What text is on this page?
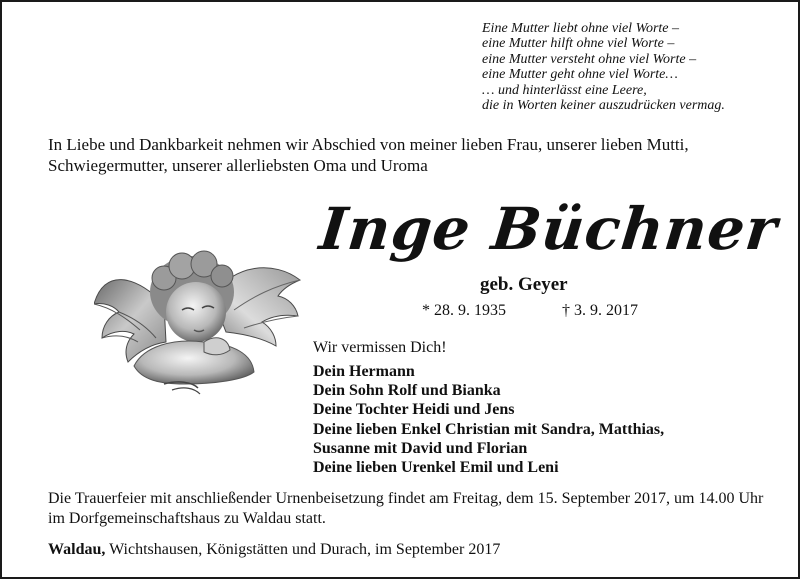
Eine Mutter liebt ohne viel Worte –
eine Mutter hilft ohne viel Worte –
eine Mutter versteht ohne viel Worte –
eine Mutter geht ohne viel Worte…
… und hinterlässt eine Leere,
die in Worten keiner auszudrücken vermag.
In Liebe und Dankbarkeit nehmen wir Abschied von meiner lieben Frau, unserer lieben Mutti, Schwiegermutter, unserer allerliebsten Oma und Uroma
Inge Büchner
geb. Geyer
* 28. 9. 1935	† 3. 9. 2017
Wir vermissen Dich!
Dein Hermann
Dein Sohn Rolf und Bianka
Deine Tochter Heidi und Jens
Deine lieben Enkel Christian mit Sandra, Matthias,
Susanne mit David und Florian
Deine lieben Urenkel Emil und Leni
Die Trauerfeier mit anschließender Urnenbeisetzung findet am Freitag, dem 15. September 2017, um 14.00 Uhr im Dorfgemeinschaftshaus zu Waldau statt.
Waldau, Wichtshausen, Königstätten und Durach, im September 2017
